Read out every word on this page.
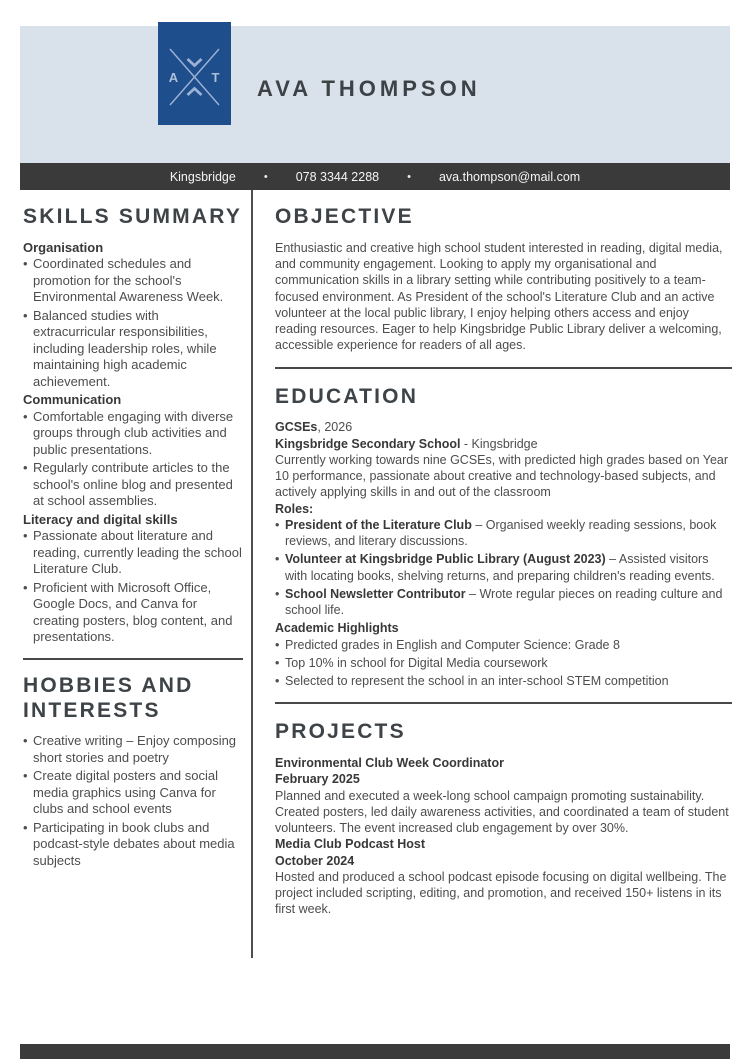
A	T AVA THOMPSON
Kingsbridge	• 078 3344 2288	• ava.thompson@mail.com
SKILLS SUMMARY
Organisation
• Coordinated schedules and promotion for the school's Environmental Awareness Week.
• Balanced studies with extracurricular responsibilities, including leadership roles, while maintaining high academic achievement.
Communication
• Comfortable engaging with diverse groups through club activities and public presentations.
• Regularly contribute articles to the school's online blog and presented at school assemblies.
Literacy and digital skills
• Passionate about literature and reading, currently leading the school Literature Club.
• Proficient with Microsoft Office, Google Docs, and Canva for creating posters, blog content, and presentations.
HOBBIES AND INTERESTS
• Creative writing – Enjoy composing short stories and poetry
• Create digital posters and social media graphics using Canva for clubs and school events
• Participating in book clubs and podcast-style debates about media subjects
OBJECTIVE
Enthusiastic and creative high school student interested in reading, digital media, and community engagement. Looking to apply my organisational and communication skills in a library setting while contributing positively to a team-focused environment. As President of the school's Literature Club and an active volunteer at the local public library, I enjoy helping others access and enjoy reading resources. Eager to help Kingsbridge Public Library deliver a welcoming, accessible experience for readers of all ages.
EDUCATION
GCSEs, 2026
Kingsbridge Secondary School - Kingsbridge
Currently working towards nine GCSEs, with predicted high grades based on Year 10 performance, passionate about creative and technology-based subjects, and actively applying skills in and out of the classroom
Roles:
• President of the Literature Club – Organised weekly reading sessions, book reviews, and literary discussions.
• Volunteer at Kingsbridge Public Library (August 2023) – Assisted visitors with locating books, shelving returns, and preparing children's reading events.
• School Newsletter Contributor – Wrote regular pieces on reading culture and school life.
Academic Highlights
• Predicted grades in English and Computer Science: Grade 8
• Top 10% in school for Digital Media coursework
• Selected to represent the school in an inter-school STEM competition
PROJECTS
Environmental Club Week Coordinator
February 2025
Planned and executed a week-long school campaign promoting sustainability. Created posters, led daily awareness activities, and coordinated a team of student volunteers. The event increased club engagement by over 30%.
Media Club Podcast Host
October 2024
Hosted and produced a school podcast episode focusing on digital wellbeing. The project included scripting, editing, and promotion, and received 150+ listens in its first week.
